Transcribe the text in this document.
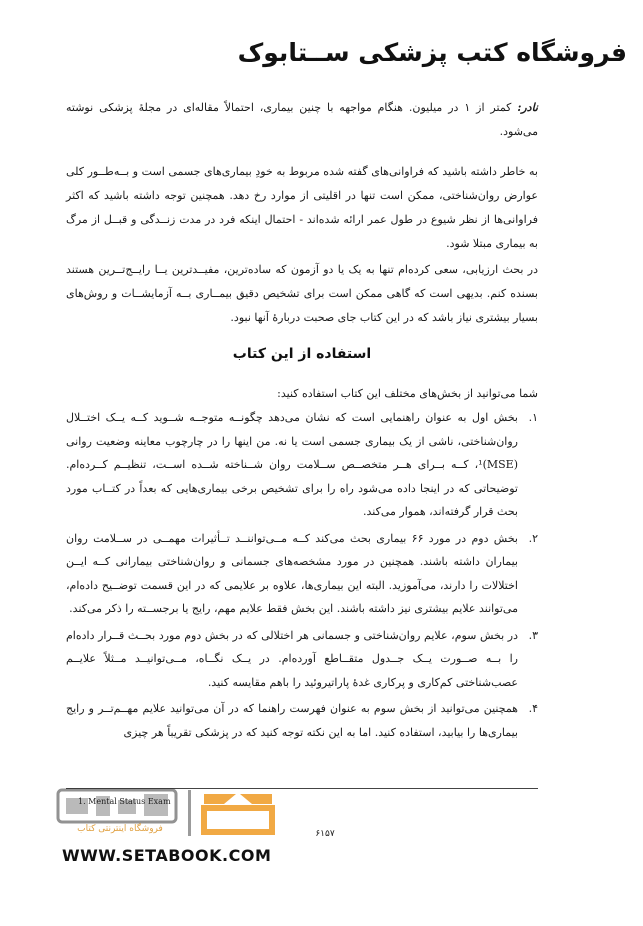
فروشگاه کتب پزشکی ســتابوک

نادر: کمتر از ۱ در میلیون. هنگام مواجهه با چنین بیماری، احتمالاً مقاله‌ای در مجلهٔ پزشکی نوشته می‌شود.

به خاطر داشته باشید که فراوانی‌های گفته شده مربوط به خودِ بیماری‌های جسمی است و بــه‌طــور کلی عوارض روان‌شناختی، ممکن است تنها در اقلیتی از موارد رخ دهد. همچنین توجه داشته باشید که اکثر فراوانی‌ها از نظر شیوع در طول عمر ارائه شده‌اند - احتمال اینکه فرد در مدت زنــدگی و قبــل از مرگ به بیماری مبتلا شود.

در بحث ارزیابی، سعی کرده‌ام تنها به یک یا دو آزمون که ساده‌ترین، مفیــدترین یــا رایــج‌تــرین هستند بسنده کنم. بدیهی است که گاهی ممکن است برای تشخیص دقیق بیمــاری بــه آزمایشــات و روش‌های بسیار بیشتری نیاز باشد که در این کتاب جای صحبت دربارهٔ آنها نبود.

استفاده از این کتاب
شما می‌توانید از بخش‌های مختلف این کتاب استفاده کنید:
۱.
بخش اول به عنوان راهنمایی است که نشان می‌دهد چگونــه متوجــه شــوید کــه یــک اختــلال روان‌شناختی، ناشی از یک بیماری جسمی است یا نه. من اینها را در چارچوب معاینه وضعیت روانی (MSE)¹، کــه بــرای هــر متخصــص ســلامت روان شــناخته شــده اســت، تنظیــم کــرده‌ام. توضیحاتی که در اینجا داده می‌شود راه را برای تشخیص برخی بیماری‌هایی که بعداً در کتــاب مورد بحث قرار گرفته‌اند، هموار می‌کند.
۲.
بخش دوم در مورد ۶۶ بیماری بحث می‌کند کــه مــی‌تواننــد تــأثیرات مهمــی در ســلامت روان بیماران داشته باشند. همچنین در مورد مشخصه‌های جسمانی و روان‌شناختی بیمارانی کــه ایــن اختلالات را دارند، می‌آموزید. البته این بیماری‌ها، علاوه بر علایمی که در این قسمت توضــیح داده‌ام، می‌توانند علایم بیشتری نیز داشته باشند. این بخش فقط علایم مهم، رایج یا برجســته را ذکر می‌کند.
۳.
در بخش سوم، علایم روان‌شناختی و جسمانی هر اختلالی که در بخش دوم مورد بحــث قــرار داده‌ام را بــه صــورت یــک جــدول متقــاطع آورده‌ام. در یــک نگــاه، مــی‌توانیــد مــثلاً علایــم عصب‌شناختی کم‌کاری و پرکاری غدهٔ پاراتیروئید را باهم مقایسه کنید.
۴.
همچنین می‌توانید از بخش سوم به عنوان فهرست راهنما که در آن می‌توانید علایم مهــم‌تــر و رایج بیماری‌ها را بیابید، استفاده کنید. اما به این نکته توجه کنید که در پزشکی تقریباً هر چیزی
1. Mental Status Exam
۶۱۵۷
فروشگاه اینترنتی کتاب
WWW.SETABOOK.COM
